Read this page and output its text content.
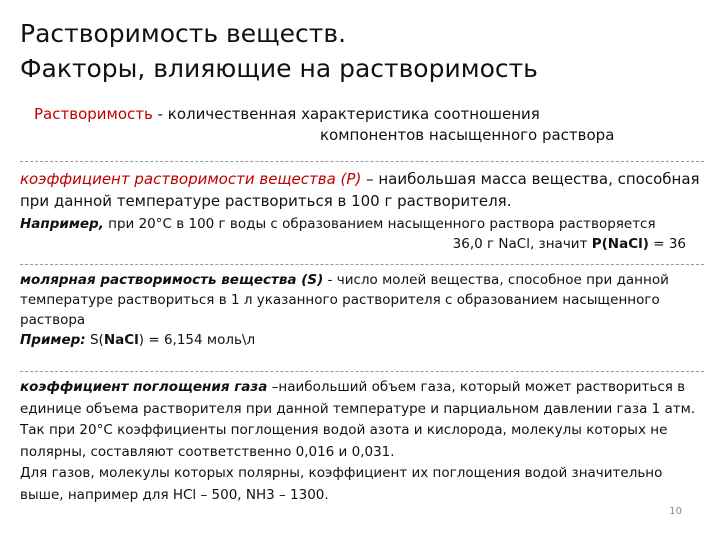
Растворимость веществ.
Факторы, влияющие на растворимость
Растворимость - количественная характеристика соотношения
компонентов насыщенного раствора
коэффициент растворимости вещества (Р) – наибольшая масса вещества, способная при данной температуре раствориться в 100 г растворителя.
Например, при 20°С в 100 г воды с образованием насыщенного раствора растворяется
36,0 г NaCl, значит Р(NaCl) = 36
молярная растворимость вещества (S) - число молей вещества, способное при данной температуре раствориться в 1 л указанного растворителя с образованием насыщенного раствора
Пример: S(NaCl) = 6,154 моль\л
коэффициент поглощения газа –наибольший объем газа, который может раствориться в единице объема растворителя при данной температуре и парциальном давлении газа 1 атм.
Так при 20°С коэффициенты поглощения водой азота и кислорода, молекулы которых не полярны, составляют соответственно 0,016 и 0,031.
Для газов, молекулы которых полярны, коэффициент их поглощения водой значительно выше, например для HCl – 500, NH3 – 1300.
10
